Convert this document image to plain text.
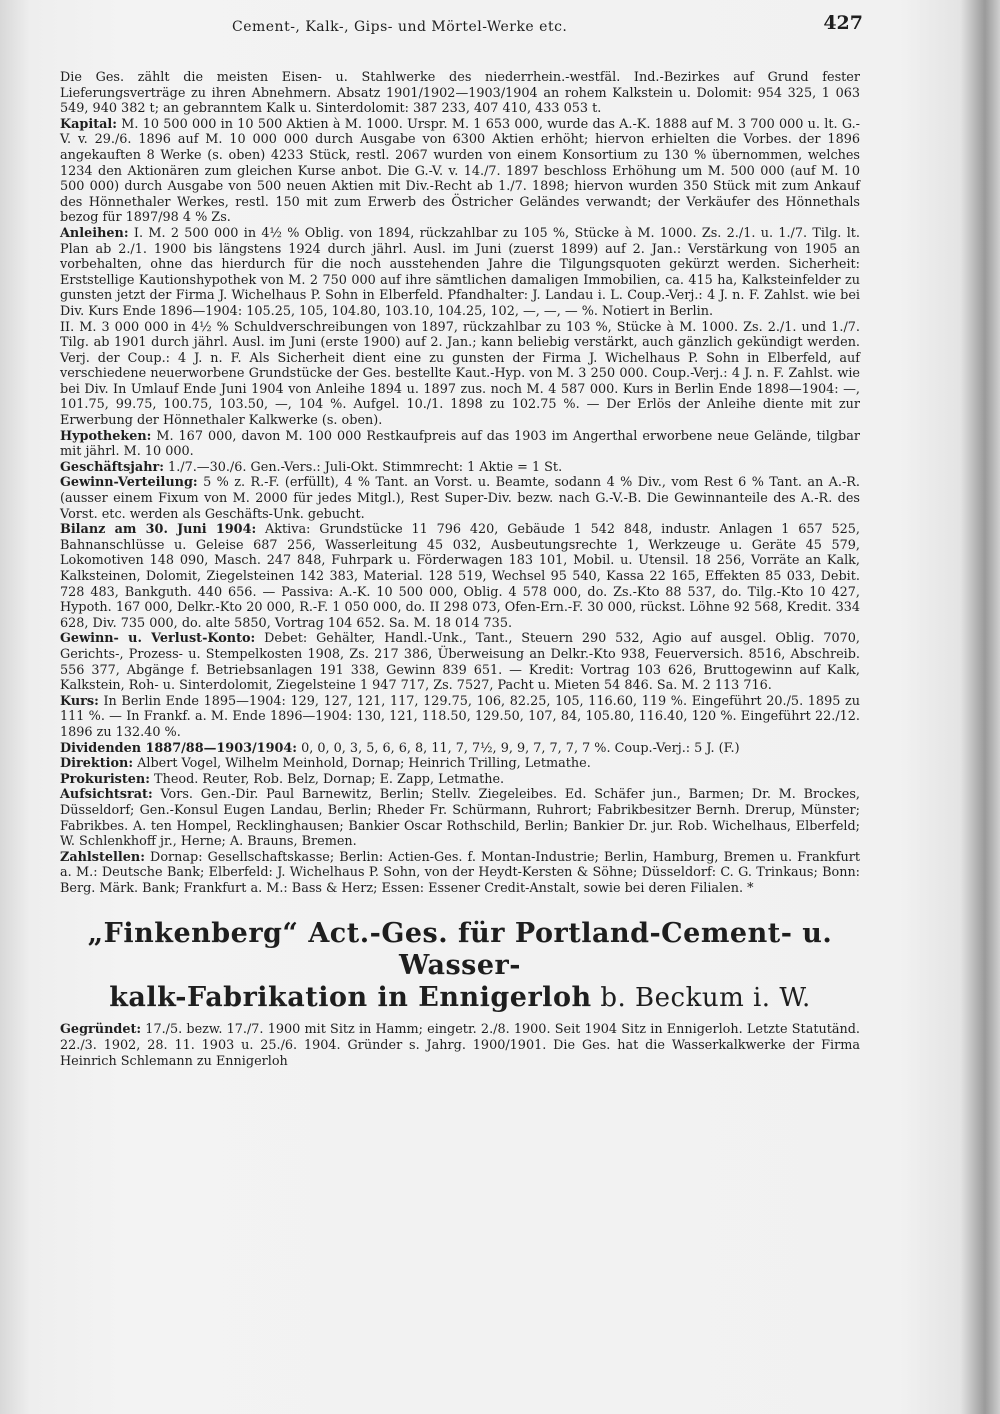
Cement-, Kalk-, Gips- und Mörtel-Werke etc.	427

Die Ges. zählt die meisten Eisen- u. Stahlwerke des niederrhein.-westfäl. Ind.-Bezirkes auf Grund fester Lieferungsverträge zu ihren Abnehmern. Absatz 1901/1902—1903/1904 an rohem Kalkstein u. Dolomit: 954 325, 1 063 549, 940 382 t; an gebranntem Kalk u. Sinterdolomit: 387 233, 407 410, 433 053 t.

Kapital: M. 10 500 000 in 10 500 Aktien à M. 1000. Urspr. M. 1 653 000, wurde das A.-K. 1888 auf M. 3 700 000 u. lt. G.-V. v. 29./6. 1896 auf M. 10 000 000 durch Ausgabe von 6300 Aktien erhöht; hiervon erhielten die Vorbes. der 1896 angekauften 8 Werke (s. oben) 4233 Stück, restl. 2067 wurden von einem Konsortium zu 130 % übernommen, welches 1234 den Aktionären zum gleichen Kurse anbot. Die G.-V. v. 14./7. 1897 beschloss Erhöhung um M. 500 000 (auf M. 10 500 000) durch Ausgabe von 500 neuen Aktien mit Div.-Recht ab 1./7. 1898; hiervon wurden 350 Stück mit zum Ankauf des Hönnethaler Werkes, restl. 150 mit zum Erwerb des Östricher Geländes verwandt; der Verkäufer des Hönnethals bezog für 1897/98 4 % Zs.

Anleihen: I. M. 2 500 000 in 4½ % Oblig. von 1894, rückzahlbar zu 105 %, Stücke à M. 1000. Zs. 2./1. u. 1./7. Tilg. lt. Plan ab 2./1. 1900 bis längstens 1924 durch jährl. Ausl. im Juni (zuerst 1899) auf 2. Jan.: Verstärkung von 1905 an vorbehalten, ohne das hierdurch für die noch ausstehenden Jahre die Tilgungsquoten gekürzt werden. Sicherheit: Erststellige Kautionshypothek von M. 2 750 000 auf ihre sämtlichen damaligen Immobilien, ca. 415 ha, Kalksteinfelder zu gunsten jetzt der Firma J. Wichelhaus P. Sohn in Elberfeld. Pfandhalter: J. Landau i. L. Coup.-Verj.: 4 J. n. F. Zahlst. wie bei Div. Kurs Ende 1896—1904: 105.25, 105, 104.80, 103.10, 104.25, 102, —, —, — %. Notiert in Berlin.

II. M. 3 000 000 in 4½ % Schuldverschreibungen von 1897, rückzahlbar zu 103 %, Stücke à M. 1000. Zs. 2./1. und 1./7. Tilg. ab 1901 durch jährl. Ausl. im Juni (erste 1900) auf 2. Jan.; kann beliebig verstärkt, auch gänzlich gekündigt werden. Verj. der Coup.: 4 J. n. F. Als Sicherheit dient eine zu gunsten der Firma J. Wichelhaus P. Sohn in Elberfeld, auf verschiedene neuerworbene Grundstücke der Ges. bestellte Kaut.-Hyp. von M. 3 250 000. Coup.-Verj.: 4 J. n. F. Zahlst. wie bei Div. In Umlauf Ende Juni 1904 von Anleihe 1894 u. 1897 zus. noch M. 4 587 000. Kurs in Berlin Ende 1898—1904: —, 101.75, 99.75, 100.75, 103.50, —, 104 %. Aufgel. 10./1. 1898 zu 102.75 %. — Der Erlös der Anleihe diente mit zur Erwerbung der Hönnethaler Kalkwerke (s. oben).

Hypotheken: M. 167 000, davon M. 100 000 Restkaufpreis auf das 1903 im Angerthal erworbene neue Gelände, tilgbar mit jährl. M. 10 000.

Geschäftsjahr: 1./7.—30./6. Gen.-Vers.: Juli-Okt. Stimmrecht: 1 Aktie = 1 St.

Gewinn-Verteilung: 5 % z. R.-F. (erfüllt), 4 % Tant. an Vorst. u. Beamte, sodann 4 % Div., vom Rest 6 % Tant. an A.-R. (ausser einem Fixum von M. 2000 für jedes Mitgl.), Rest Super-Div. bezw. nach G.-V.-B. Die Gewinnanteile des A.-R. des Vorst. etc. werden als Geschäfts-Unk. gebucht.

Bilanz am 30. Juni 1904: Aktiva: Grundstücke 11 796 420, Gebäude 1 542 848, industr. Anlagen 1 657 525, Bahnanschlüsse u. Geleise 687 256, Wasserleitung 45 032, Ausbeutungsrechte 1, Werkzeuge u. Geräte 45 579, Lokomotiven 148 090, Masch. 247 848, Fuhrpark u. Förderwagen 183 101, Mobil. u. Utensil. 18 256, Vorräte an Kalk, Kalksteinen, Dolomit, Ziegelsteinen 142 383, Material. 128 519, Wechsel 95 540, Kassa 22 165, Effekten 85 033, Debit. 728 483, Bankguth. 440 656. — Passiva: A.-K. 10 500 000, Oblig. 4 578 000, do. Zs.-Kto 88 537, do. Tilg.-Kto 10 427, Hypoth. 167 000, Delkr.-Kto 20 000, R.-F. 1 050 000, do. II 298 073, Ofen-Ern.-F. 30 000, rückst. Löhne 92 568, Kredit. 334 628, Div. 735 000, do. alte 5850, Vortrag 104 652. Sa. M. 18 014 735.

Gewinn- u. Verlust-Konto: Debet: Gehälter, Handl.-Unk., Tant., Steuern 290 532, Agio auf ausgel. Oblig. 7070, Gerichts-, Prozess- u. Stempelkosten 1908, Zs. 217 386, Überweisung an Delkr.-Kto 938, Feuerversich. 8516, Abschreib. 556 377, Abgänge f. Betriebsanlagen 191 338, Gewinn 839 651. — Kredit: Vortrag 103 626, Bruttogewinn auf Kalk, Kalkstein, Roh- u. Sinterdolomit, Ziegelsteine 1 947 717, Zs. 7527, Pacht u. Mieten 54 846. Sa. M. 2 113 716.

Kurs: In Berlin Ende 1895—1904: 129, 127, 121, 117, 129.75, 106, 82.25, 105, 116.60, 119 %. Eingeführt 20./5. 1895 zu 111 %. — In Frankf. a. M. Ende 1896—1904: 130, 121, 118.50, 129.50, 107, 84, 105.80, 116.40, 120 %. Eingeführt 22./12. 1896 zu 132.40 %.

Dividenden 1887/88—1903/1904: 0, 0, 0, 3, 5, 6, 6, 8, 11, 7, 7½, 9, 9, 7, 7, 7, 7 %. Coup.-Verj.: 5 J. (F.)

Direktion: Albert Vogel, Wilhelm Meinhold, Dornap; Heinrich Trilling, Letmathe.

Prokuristen: Theod. Reuter, Rob. Belz, Dornap; E. Zapp, Letmathe.

Aufsichtsrat: Vors. Gen.-Dir. Paul Barnewitz, Berlin; Stellv. Ziegeleibes. Ed. Schäfer jun., Barmen; Dr. M. Brockes, Düsseldorf; Gen.-Konsul Eugen Landau, Berlin; Rheder Fr. Schürmann, Ruhrort; Fabrikbesitzer Bernh. Drerup, Münster; Fabrikbes. A. ten Hompel, Recklinghausen; Bankier Oscar Rothschild, Berlin; Bankier Dr. jur. Rob. Wichelhaus, Elberfeld; W. Schlenkhoff jr., Herne; A. Brauns, Bremen.

Zahlstellen: Dornap: Gesellschaftskasse; Berlin: Actien-Ges. f. Montan-Industrie; Berlin, Hamburg, Bremen u. Frankfurt a. M.: Deutsche Bank; Elberfeld: J. Wichelhaus P. Sohn, von der Heydt-Kersten & Söhne; Düsseldorf: C. G. Trinkaus; Bonn: Berg. Märk. Bank; Frankfurt a. M.: Bass & Herz; Essen: Essener Credit-Anstalt, sowie bei deren Filialen. *

„Finkenberg“ Act.-Ges. für Portland-Cement- u. Wasser-
kalk-Fabrikation in Ennigerloh b. Beckum i. W.

Gegründet: 17./5. bezw. 17./7. 1900 mit Sitz in Hamm; eingetr. 2./8. 1900. Seit 1904 Sitz in Ennigerloh. Letzte Statutänd. 22./3. 1902, 28. 11. 1903 u. 25./6. 1904. Gründer s. Jahrg. 1900/1901. Die Ges. hat die Wasserkalkwerke der Firma Heinrich Schlemann zu Ennigerloh
